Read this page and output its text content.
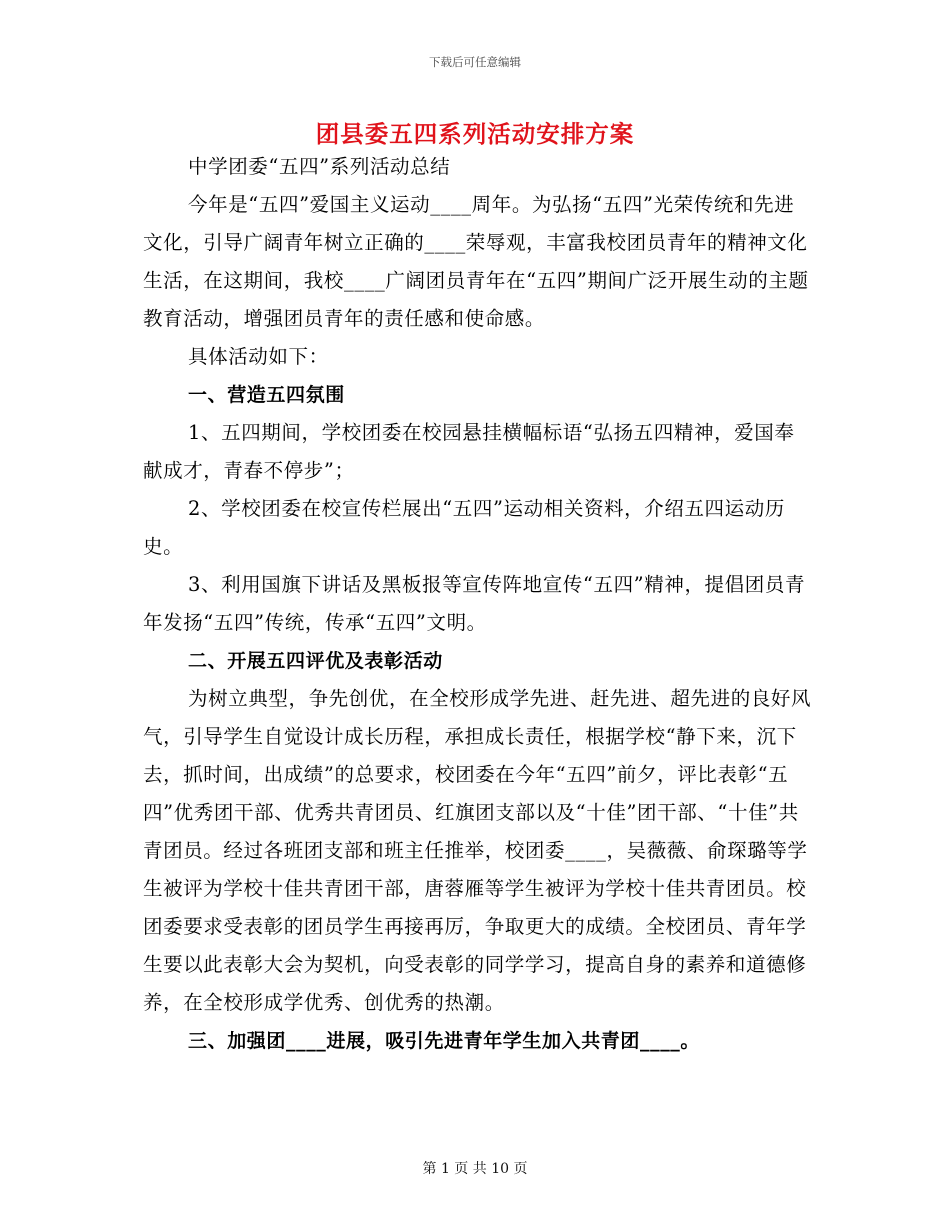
下载后可任意编辑
团县委五四系列活动安排方案

中学团委“五四”系列活动总结

今年是“五四”爱国主义运动____周年。为弘扬“五四”光荣传统和先进文化，引导广阔青年树立正确的____荣辱观，丰富我校团员青年的精神文化生活，在这期间，我校____广阔团员青年在“五四”期间广泛开展生动的主题教育活动，增强团员青年的责任感和使命感。

具体活动如下：

一、营造五四氛围

1、五四期间，学校团委在校园悬挂横幅标语“弘扬五四精神，爱国奉献成才，青春不停步”；

2、学校团委在校宣传栏展出“五四”运动相关资料，介绍五四运动历史。

3、利用国旗下讲话及黑板报等宣传阵地宣传“五四”精神，提倡团员青年发扬“五四”传统，传承“五四”文明。

二、开展五四评优及表彰活动

为树立典型，争先创优，在全校形成学先进、赶先进、超先进的良好风气，引导学生自觉设计成长历程，承担成长责任，根据学校“静下来，沉下去，抓时间，出成绩”的总要求，校团委在今年“五四”前夕，评比表彰“五四”优秀团干部、优秀共青团员、红旗团支部以及“十佳”团干部、“十佳”共青团员。经过各班团支部和班主任推举，校团委____，吴薇薇、俞琛璐等学生被评为学校十佳共青团干部，唐蓉雁等学生被评为学校十佳共青团员。校团委要求受表彰的团员学生再接再厉，争取更大的成绩。全校团员、青年学生要以此表彰大会为契机，向受表彰的同学学习，提高自身的素养和道德修养，在全校形成学优秀、创优秀的热潮。

三、加强团____进展，吸引先进青年学生加入共青团____。

第 1 页 共 10 页
